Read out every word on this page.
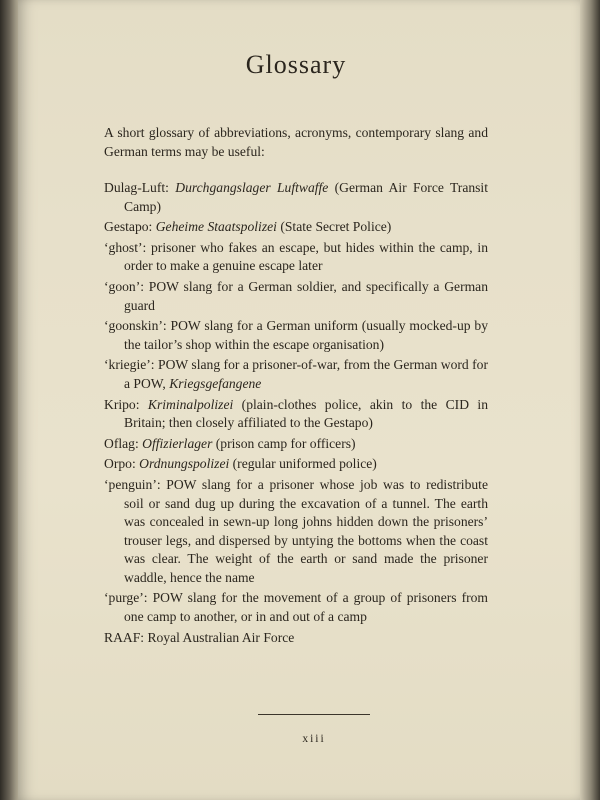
Glossary

A short glossary of abbreviations, acronyms, contemporary slang and German terms may be useful:

Dulag-Luft: Durchgangslager Luftwaffe (German Air Force Transit Camp)
Gestapo: Geheime Staatspolizei (State Secret Police)
‘ghost’: prisoner who fakes an escape, but hides within the camp, in order to make a genuine escape later
‘goon’: POW slang for a German soldier, and specifically a German guard
‘goonskin’: POW slang for a German uniform (usually mocked-up by the tailor’s shop within the escape organisation)
‘kriegie’: POW slang for a prisoner-of-war, from the German word for a POW, Kriegsgefangene
Kripo: Kriminalpolizei (plain-clothes police, akin to the CID in Britain; then closely affiliated to the Gestapo)
Oflag: Offizierlager (prison camp for officers)
Orpo: Ordnungspolizei (regular uniformed police)
‘penguin’: POW slang for a prisoner whose job was to redistribute soil or sand dug up during the excavation of a tunnel. The earth was concealed in sewn-up long johns hidden down the prisoners’ trouser legs, and dispersed by untying the bottoms when the coast was clear. The weight of the earth or sand made the prisoner waddle, hence the name
‘purge’: POW slang for the movement of a group of prisoners from one camp to another, or in and out of a camp
RAAF: Royal Australian Air Force
xiii
